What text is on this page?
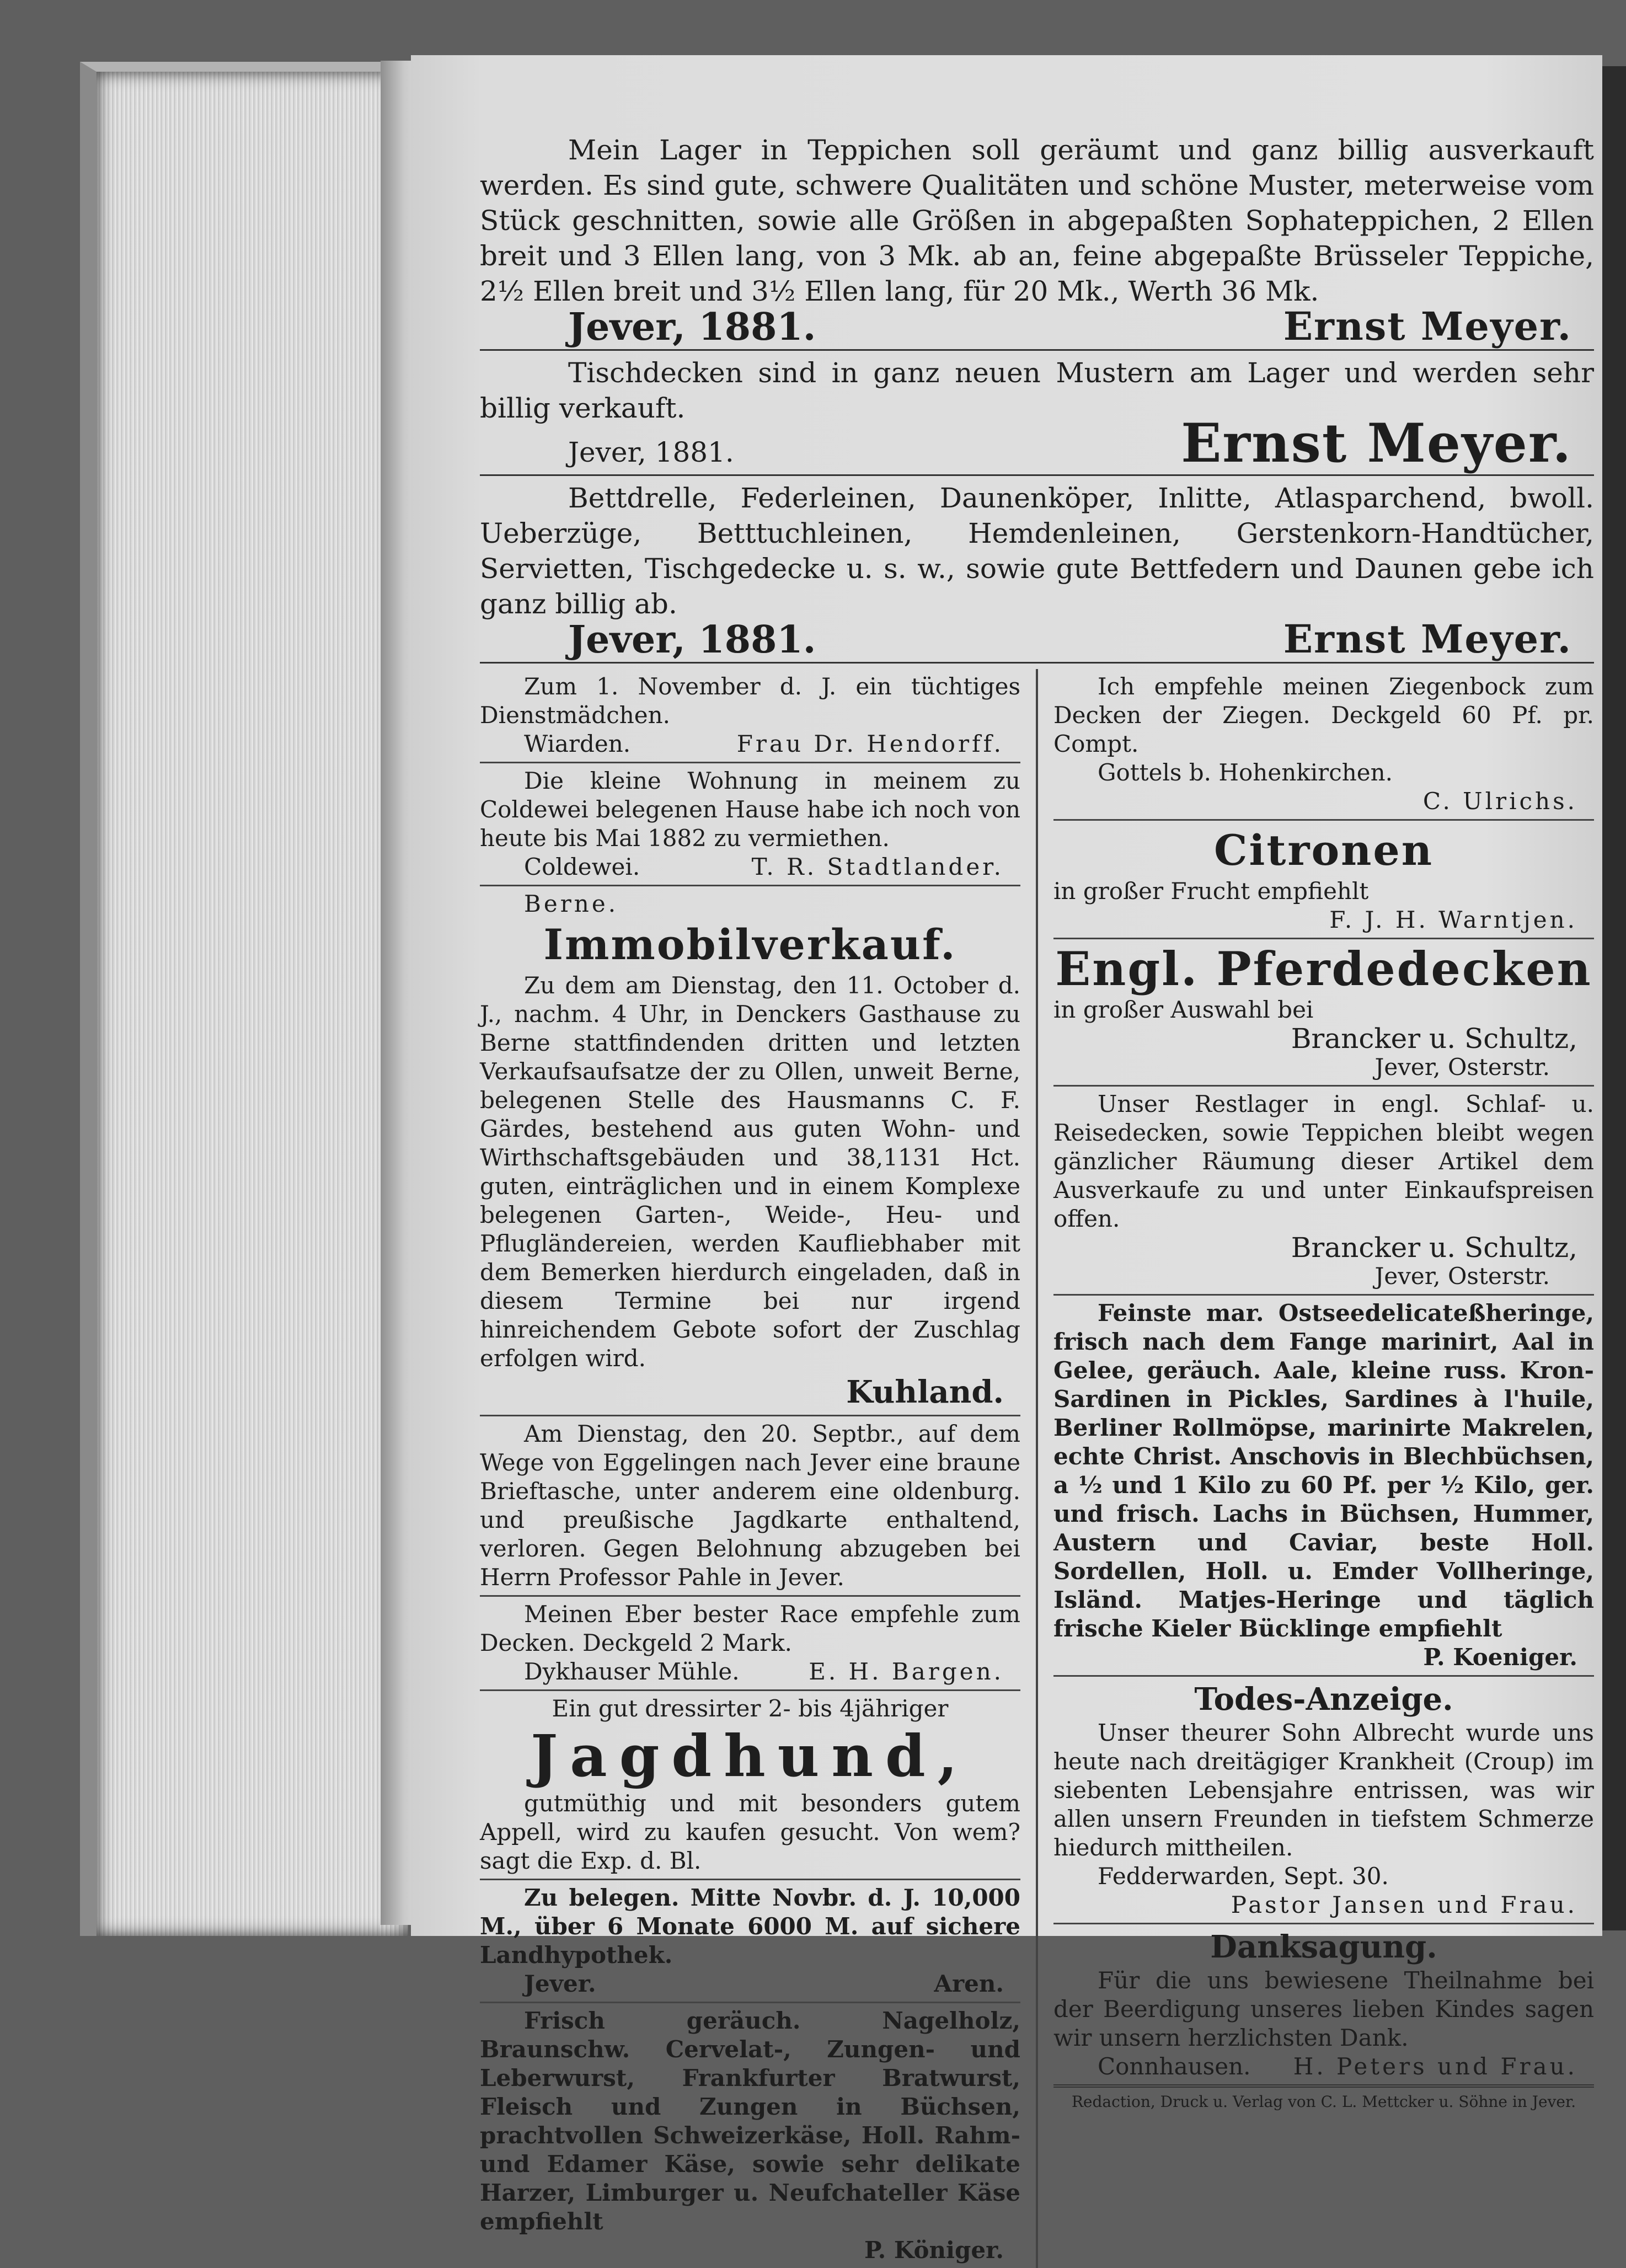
Mein Lager in Teppichen soll geräumt und ganz billig ausverkauft werden. Es sind gute, schwere Qualitäten und schöne Muster, meterweise vom Stück geschnitten, sowie alle Größen in abgepaßten Sophateppichen, 2 Ellen breit und 3 Ellen lang, von 3 Mk. ab an, feine abgepaßte Brüsseler Teppiche, 2½ Ellen breit und 3½ Ellen lang, für 20 Mk., Werth 36 Mk.

Jever, 1881.	Ernst Meyer.

Tischdecken sind in ganz neuen Mustern am Lager und werden sehr billig verkauft.

Jever, 1881.	Ernst Meyer.

Bettdrelle, Federleinen, Daunenköper, Inlitte, Atlasparchend, bwoll. Ueberzüge, Betttuchleinen, Hemdenleinen, Gerstenkorn-Handtücher, Servietten, Tischgedecke u. s. w., sowie gute Bettfedern und Daunen gebe ich ganz billig ab.

Jever, 1881.	Ernst Meyer.

Zum 1. November d. J. ein tüchtiges Dienstmädchen.

Wiarden.	Frau Dr. Hendorff.

Die kleine Wohnung in meinem zu Coldewei belegenen Hause habe ich noch von heute bis Mai 1882 zu vermiethen.

Coldewei.	T. R. Stadtlander.
Berne.
Immobilverkauf.

Zu dem am Dienstag, den 11. October d. J., nachm. 4 Uhr, in Denckers Gasthause zu Berne stattfindenden dritten und letzten Verkaufsaufsatze der zu Ollen, unweit Berne, belegenen Stelle des Hausmanns C. F. Gärdes, bestehend aus guten Wohn- und Wirthschaftsgebäuden und 38,1131 Hct. guten, einträglichen und in einem Komplexe belegenen Garten-, Weide-, Heu- und Pflugländereien, werden Kaufliebhaber mit dem Bemerken hierdurch eingeladen, daß in diesem Termine bei nur irgend hinreichendem Gebote sofort der Zuschlag erfolgen wird.

Kuhland.

Am Dienstag, den 20. Septbr., auf dem Wege von Eggelingen nach Jever eine braune Brieftasche, unter anderem eine oldenburg. und preußische Jagdkarte enthaltend, verloren. Gegen Belohnung abzugeben bei Herrn Professor Pahle in Jever.

Meinen Eber bester Race empfehle zum Decken. Deckgeld 2 Mark.

Dykhauser Mühle.	E. H. Bargen.
Ein gut dressirter 2- bis 4jähriger
Jagdhund,

gutmüthig und mit besonders gutem Appell, wird zu kaufen gesucht. Von wem? sagt die Exp. d. Bl.

Zu belegen. Mitte Novbr. d. J. 10,000 M., über 6 Monate 6000 M. auf sichere Landhypothek.

Jever.	Aren.

Frisch geräuch. Nagelholz, Braunschw. Cervelat-, Zungen- und Leberwurst, Frankfurter Bratwurst, Fleisch und Zungen in Büchsen, prachtvollen Schweizerkäse, Holl. Rahm- und Edamer Käse, sowie sehr delikate Harzer, Limburger u. Neufchateller Käse empfiehlt

P. Königer.

Ich empfehle meinen Ziegenbock zum Decken der Ziegen. Deckgeld 60 Pf. pr. Compt.

Gottels b. Hohenkirchen.
C. Ulrichs.
Citronen
in großer Frucht empfiehlt
F. J. H. Warntjen.
Engl. Pferdedecken
in großer Auswahl bei
Brancker u. Schultz,
Jever, Osterstr.

Unser Restlager in engl. Schlaf- u. Reisedecken, sowie Teppichen bleibt wegen gänzlicher Räumung dieser Artikel dem Ausverkaufe zu und unter Einkaufspreisen offen.

Brancker u. Schultz,
Jever, Osterstr.

Feinste mar. Ostseedelicateßheringe, frisch nach dem Fange marinirt, Aal in Gelee, geräuch. Aale, kleine russ. Kron-Sardinen in Pickles, Sardines à l'huile, Berliner Rollmöpse, marinirte Makrelen, echte Christ. Anschovis in Blechbüchsen, a ½ und 1 Kilo zu 60 Pf. per ½ Kilo, ger. und frisch. Lachs in Büchsen, Hummer, Austern und Caviar, beste Holl. Sordellen, Holl. u. Emder Vollheringe, Isländ. Matjes-Heringe und täglich frische Kieler Bücklinge empfiehlt

P. Koeniger.
Todes-Anzeige.

Unser theurer Sohn Albrecht wurde uns heute nach dreitägiger Krankheit (Croup) im siebenten Lebensjahre entrissen, was wir allen unsern Freunden in tiefstem Schmerze hiedurch mittheilen.

Fedderwarden, Sept. 30.
Pastor Jansen und Frau.
Danksagung.

Für die uns bewiesene Theilnahme bei der Beerdigung unseres lieben Kindes sagen wir unsern herzlichsten Dank.

Connhausen. H. Peters und Frau.
Redaction, Druck u. Verlag von C. L. Mettcker u. Söhne in Jever.
